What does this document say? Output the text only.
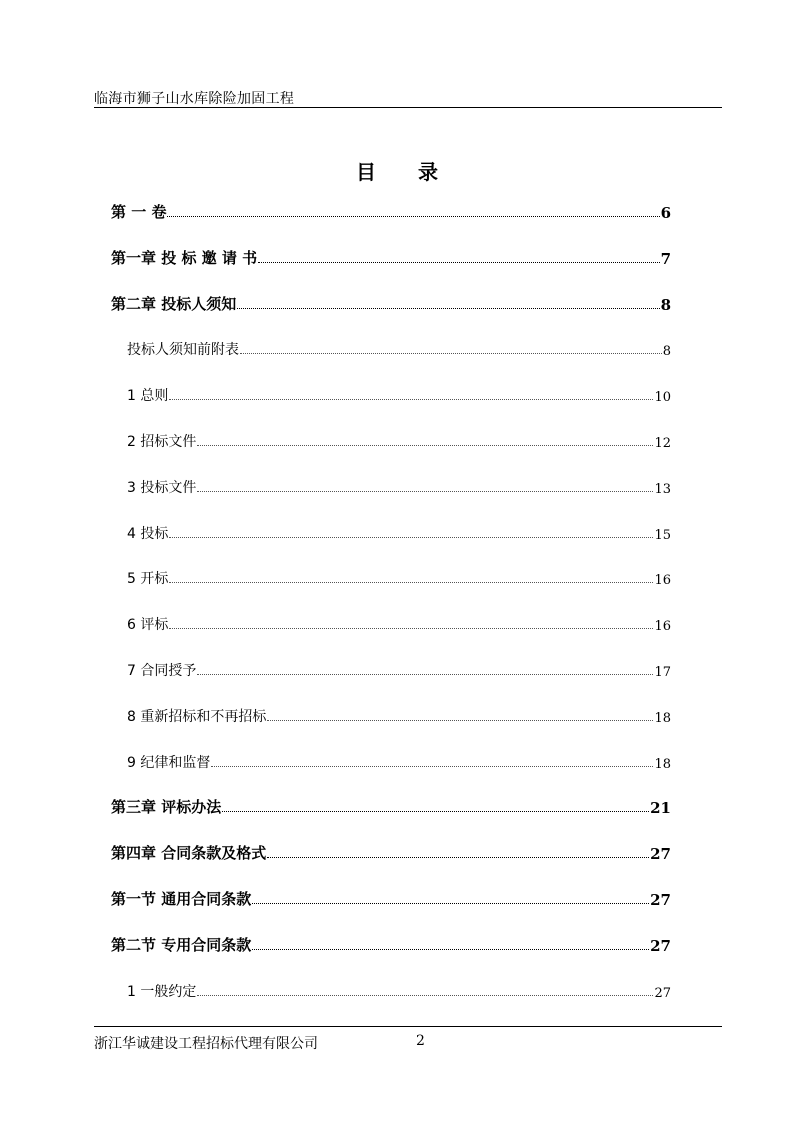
临海市狮子山水库除险加固工程
目 录
第 一 卷	6
第一章 投 标 邀 请 书	7
第二章 投标人须知	8
投标人须知前附表	8
1 总则	10
2 招标文件	12
3 投标文件	13
4 投标	15
5 开标	16
6 评标	16
7 合同授予	17
8 重新招标和不再招标	18
9 纪律和监督	18
第三章 评标办法	21
第四章 合同条款及格式	27
第一节 通用合同条款	27
第二节 专用合同条款	27
1 一般约定	27
浙江华诚建设工程招标代理有限公司	2
